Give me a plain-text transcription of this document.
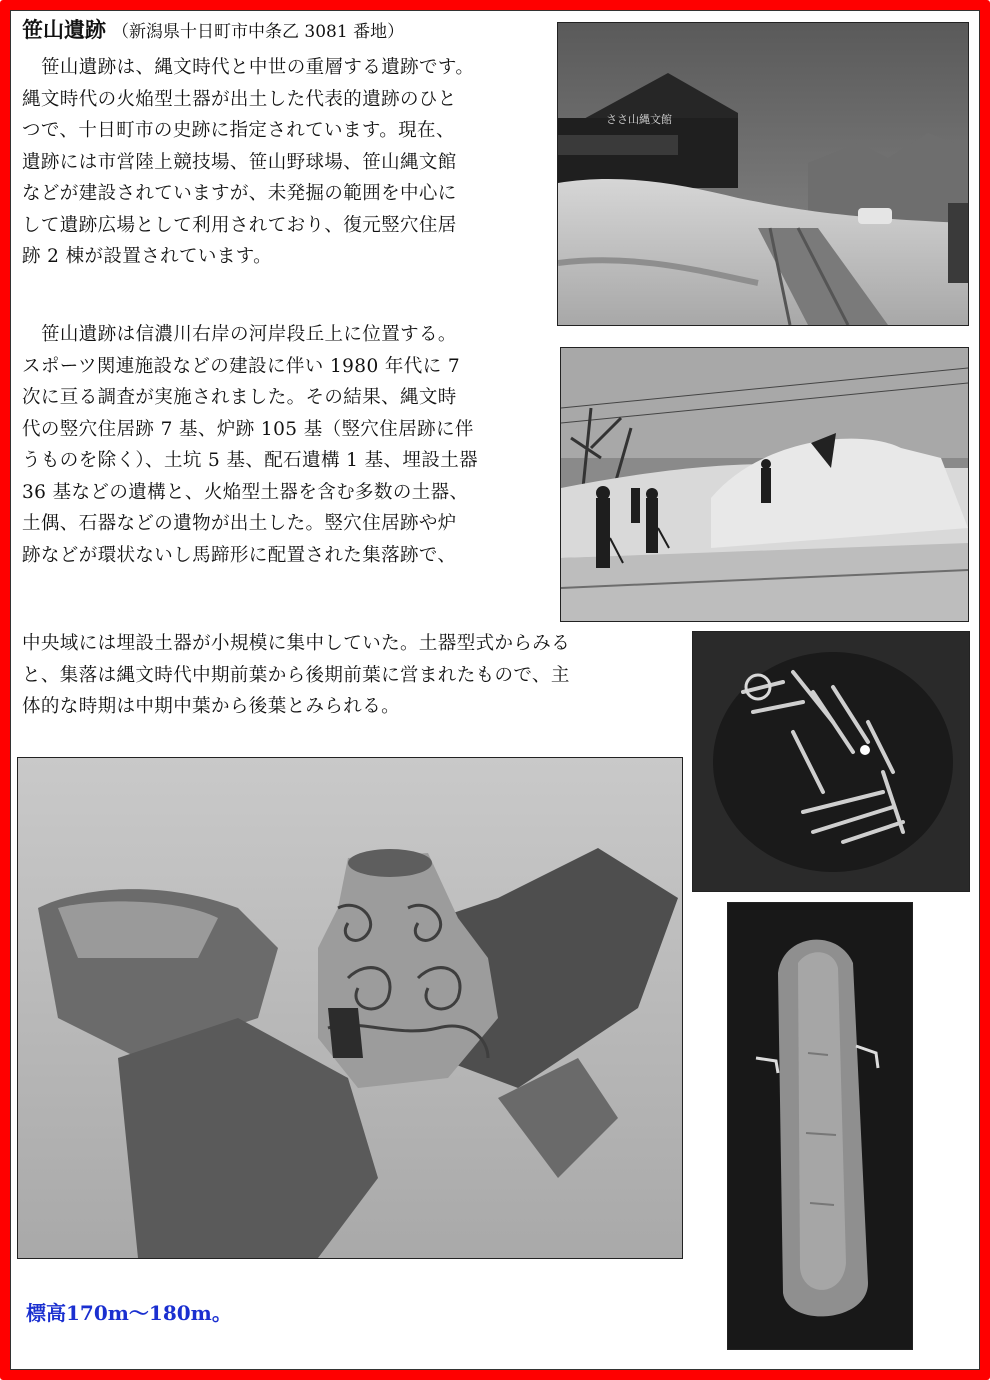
笹山遺跡 （新潟県十日町市中条乙 3081 番地）
笹山遺跡は、縄文時代と中世の重層する遺跡です。
縄文時代の火焔型土器が出土した代表的遺跡のひと
つで、十日町市の史跡に指定されています。現在、
遺跡には市営陸上競技場、笹山野球場、笹山縄文館
などが建設されていますが、未発掘の範囲を中心に
して遺跡広場として利用されており、復元竪穴住居
跡 2 棟が設置されています。
笹山遺跡は信濃川右岸の河岸段丘上に位置する。
スポーツ関連施設などの建設に伴い 1980 年代に 7
次に亘る調査が実施されました。その結果、縄文時
代の竪穴住居跡 7 基、炉跡 105 基（竪穴住居跡に伴
うものを除く）、土坑 5 基、配石遺構 1 基、埋設土器
36 基などの遺構と、火焔型土器を含む多数の土器、
土偶、石器などの遺物が出土した。竪穴住居跡や炉
跡などが環状ないし馬蹄形に配置された集落跡で、
中央域には埋設土器が小規模に集中していた。土器型式からみる
と、集落は縄文時代中期前葉から後期前葉に営まれたもので、主
体的な時期は中期中葉から後葉とみられる。
ささ山縄文館
標高170m～180m。
